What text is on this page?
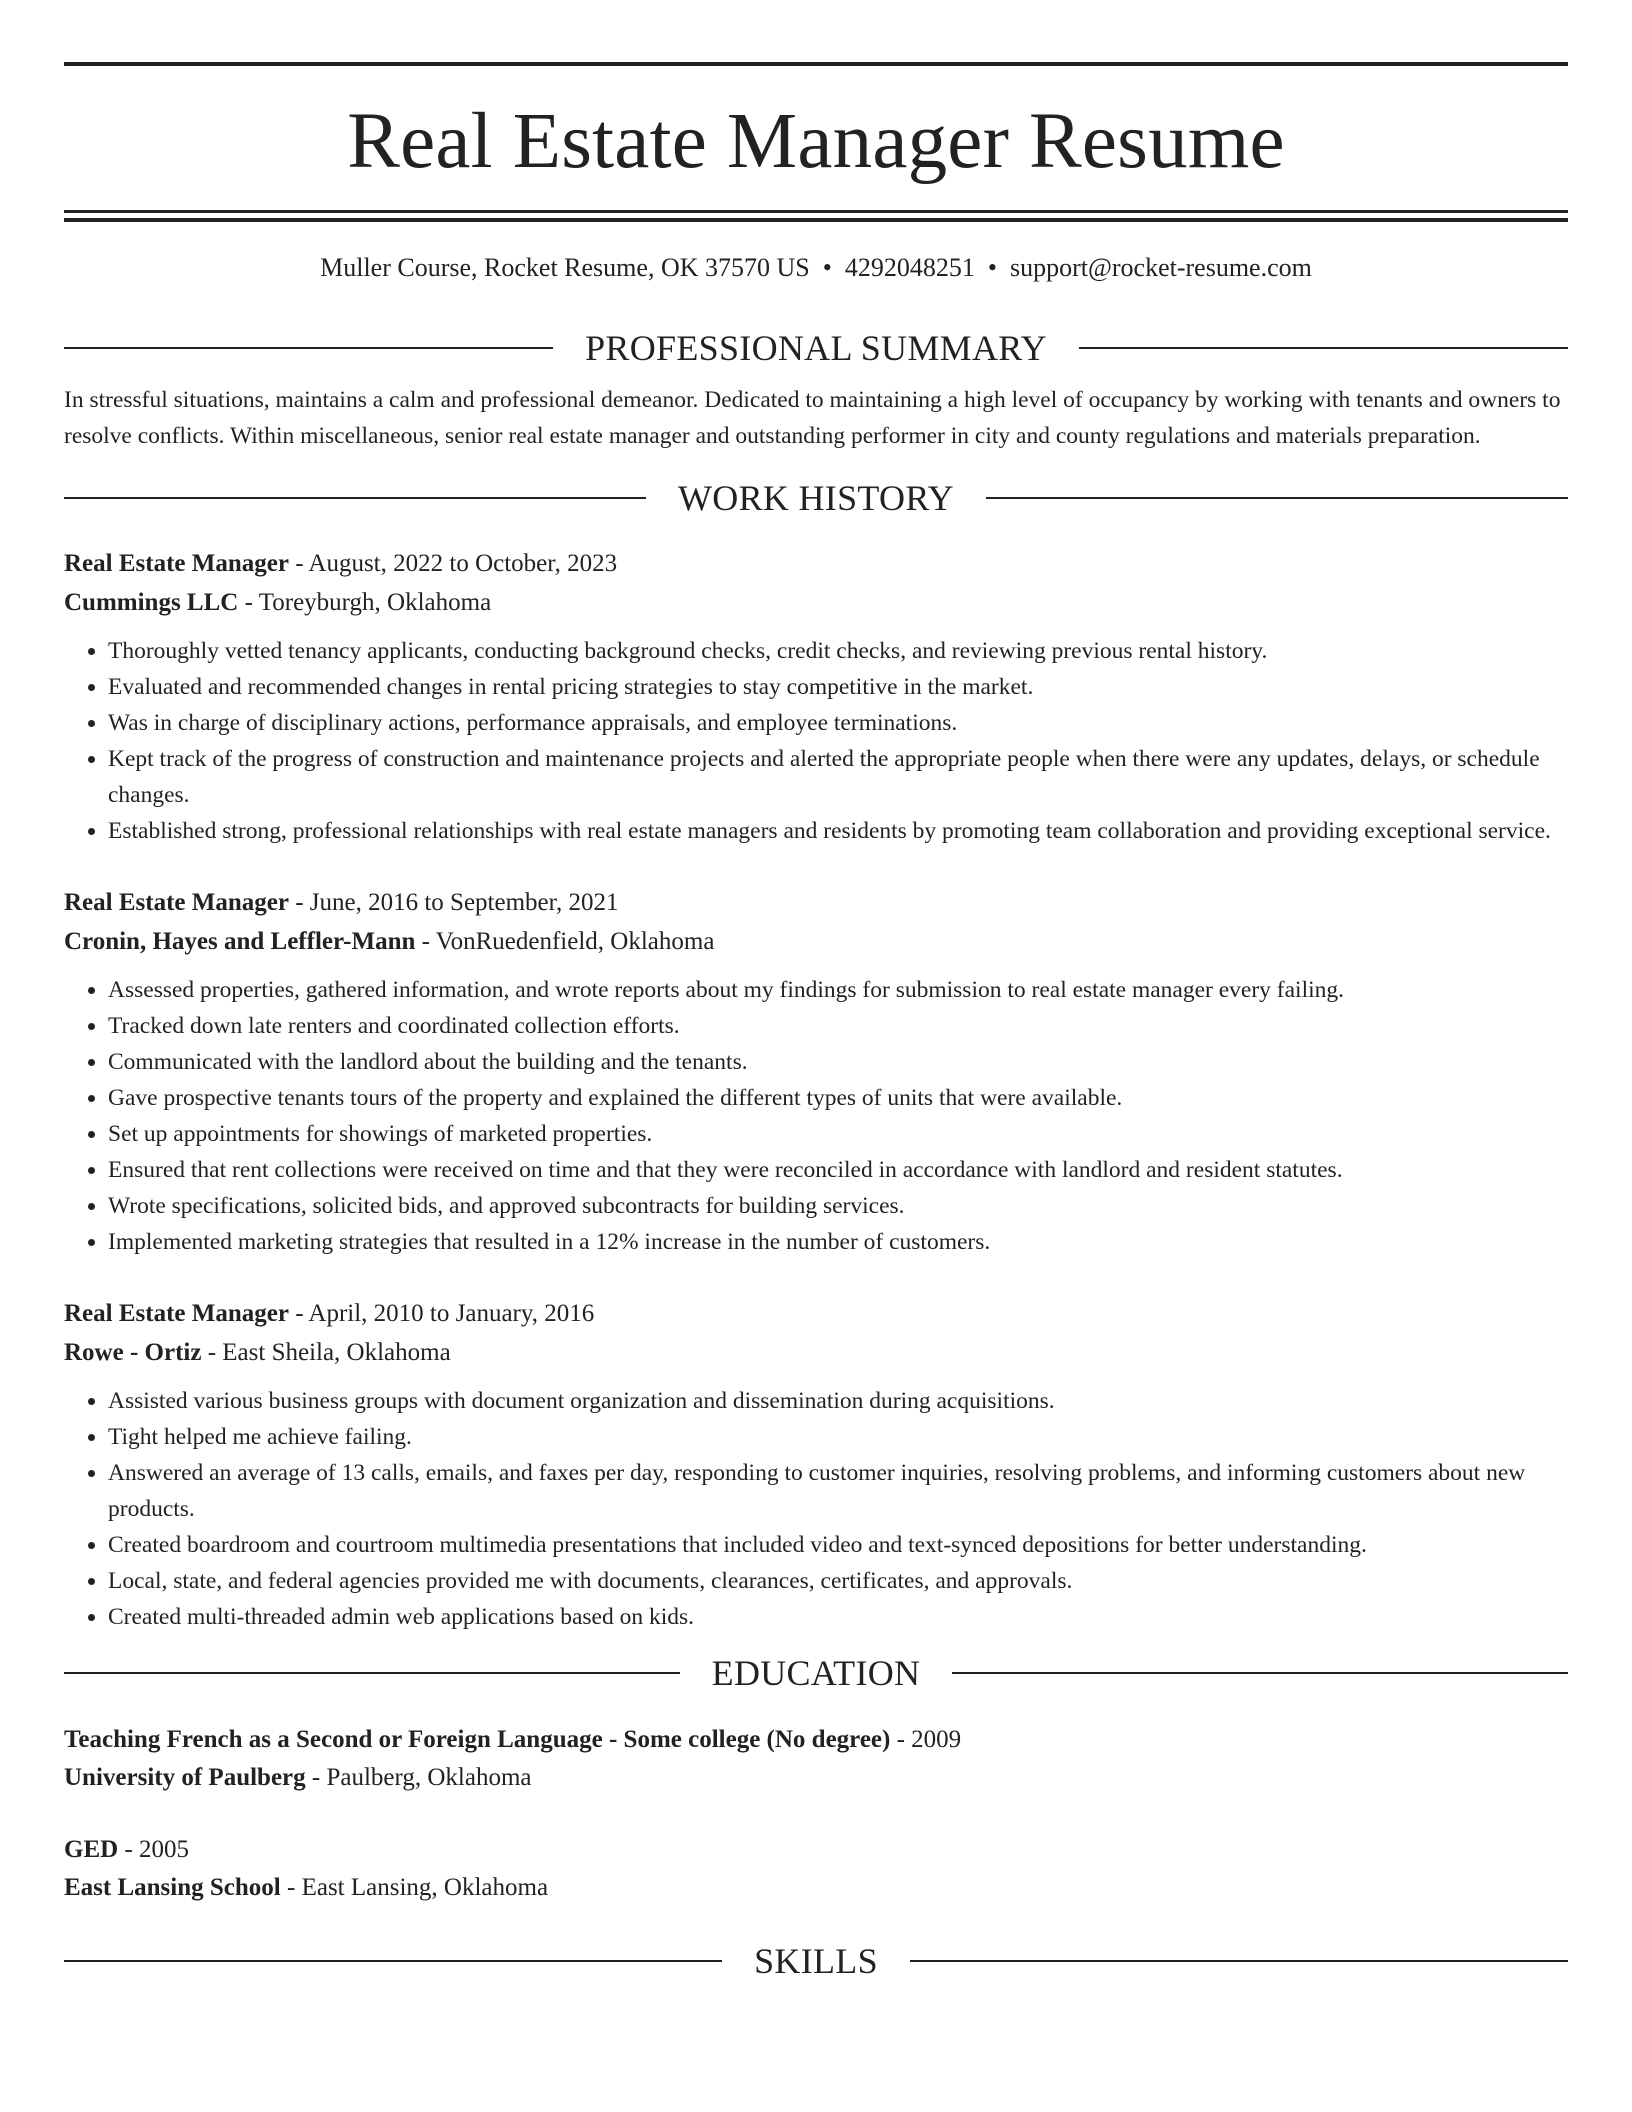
Real Estate Manager Resume
Muller Course, Rocket Resume, OK 37570 US • 4292048251 • support@rocket-resume.com
PROFESSIONAL SUMMARY
In stressful situations, maintains a calm and professional demeanor. Dedicated to maintaining a high level of occupancy by working with tenants and owners to resolve conflicts. Within miscellaneous, senior real estate manager and outstanding performer in city and county regulations and materials preparation.
WORK HISTORY
Real Estate Manager - August, 2022 to October, 2023
Cummings LLC - Toreyburgh, Oklahoma
• Thoroughly vetted tenancy applicants, conducting background checks, credit checks, and reviewing previous rental history.
• Evaluated and recommended changes in rental pricing strategies to stay competitive in the market.
• Was in charge of disciplinary actions, performance appraisals, and employee terminations.
• Kept track of the progress of construction and maintenance projects and alerted the appropriate people when there were any updates, delays, or schedule changes.
• Established strong, professional relationships with real estate managers and residents by promoting team collaboration and providing exceptional service.
Real Estate Manager - June, 2016 to September, 2021
Cronin, Hayes and Leffler-Mann - VonRuedenfield, Oklahoma
• Assessed properties, gathered information, and wrote reports about my findings for submission to real estate manager every failing.
• Tracked down late renters and coordinated collection efforts.
• Communicated with the landlord about the building and the tenants.
• Gave prospective tenants tours of the property and explained the different types of units that were available.
• Set up appointments for showings of marketed properties.
• Ensured that rent collections were received on time and that they were reconciled in accordance with landlord and resident statutes.
• Wrote specifications, solicited bids, and approved subcontracts for building services.
• Implemented marketing strategies that resulted in a 12% increase in the number of customers.
Real Estate Manager - April, 2010 to January, 2016
Rowe - Ortiz - East Sheila, Oklahoma
• Assisted various business groups with document organization and dissemination during acquisitions.
• Tight helped me achieve failing.
• Answered an average of 13 calls, emails, and faxes per day, responding to customer inquiries, resolving problems, and informing customers about new products.
• Created boardroom and courtroom multimedia presentations that included video and text-synced depositions for better understanding.
• Local, state, and federal agencies provided me with documents, clearances, certificates, and approvals.
• Created multi-threaded admin web applications based on kids.
EDUCATION
Teaching French as a Second or Foreign Language - Some college (No degree) - 2009
University of Paulberg - Paulberg, Oklahoma
GED - 2005
East Lansing School - East Lansing, Oklahoma
SKILLS
